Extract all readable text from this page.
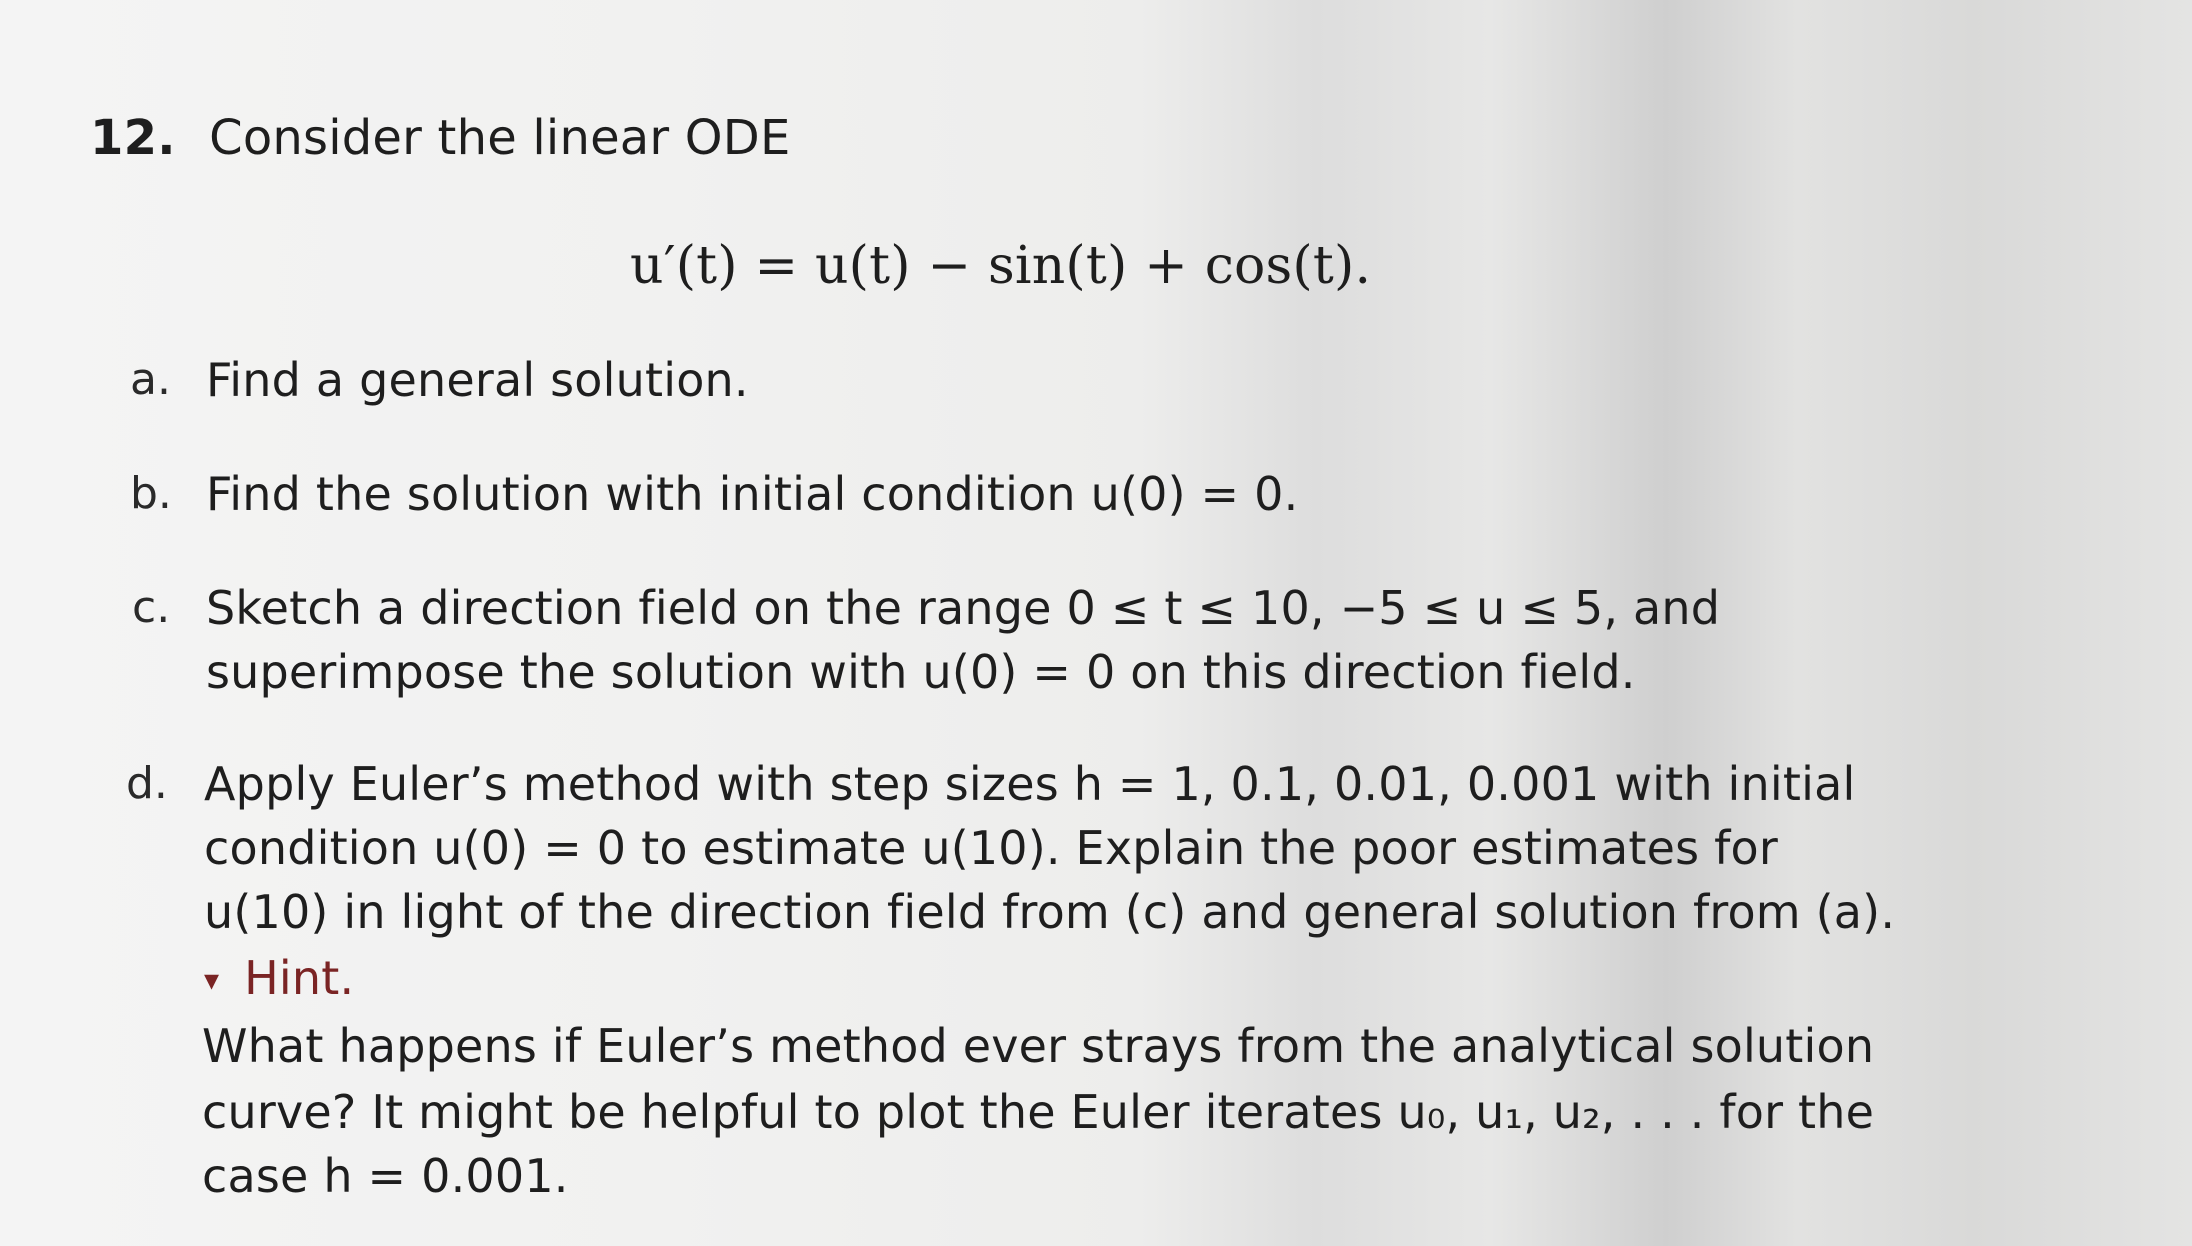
12. Consider the linear ODE
u′(t) = u(t) − sin(t) + cos(t).
a. Find a general solution.
b. Find the solution with initial condition u(0) = 0.
c. Sketch a direction field on the range 0 ≤ t ≤ 10, −5 ≤ u ≤ 5, and
superimpose the solution with u(0) = 0 on this direction field.
d. Apply Euler’s method with step sizes h = 1, 0.1, 0.01, 0.001 with initial
condition u(0) = 0 to estimate u(10). Explain the poor estimates for
u(10) in light of the direction field from (c) and general solution from (a).
▾ Hint.
What happens if Euler’s method ever strays from the analytical solution
curve? It might be helpful to plot the Euler iterates u₀, u₁, u₂, . . . for the
case h = 0.001.
